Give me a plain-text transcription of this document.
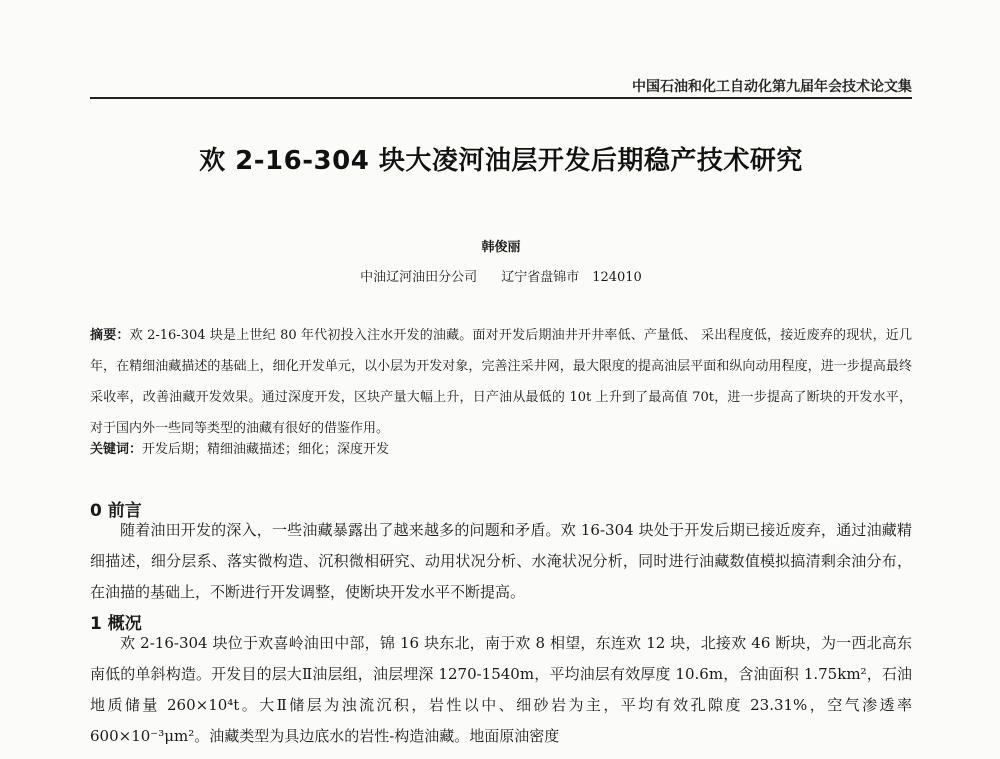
中国石油和化工自动化第九届年会技术论文集
欢 2-16-304 块大凌河油层开发后期稳产技术研究
韩俊丽
中油辽河油田分公司 辽宁省盘锦市　124010
摘要：欢 2-16-304 块是上世纪 80 年代初投入注水开发的油藏。面对开发后期油井开井率低、产量低、 采出程度低，接近废弃的现状，近几年，在精细油藏描述的基础上，细化开发单元，以小层为开发对象，完善注采井网，最大限度的提高油层平面和纵向动用程度，进一步提高最终采收率，改善油藏开发效果。通过深度开发，区块产量大幅上升，日产油从最低的 10t 上升到了最高值 70t，进一步提高了断块的开发水平，对于国内外一些同等类型的油藏有很好的借鉴作用。
关键词：开发后期；精细油藏描述；细化；深度开发
0 前言
随着油田开发的深入，一些油藏暴露出了越来越多的问题和矛盾。欢 16-304 块处于开发后期已接近废弃，通过油藏精细描述，细分层系、落实微构造、沉积微相研究、动用状况分析、水淹状况分析，同时进行油藏数值模拟搞清剩余油分布，在油描的基础上，不断进行开发调整，使断块开发水平不断提高。
1 概况
欢 2-16-304 块位于欢喜岭油田中部，锦 16 块东北，南于欢 8 相望，东连欢 12 块，北接欢 46 断块，为一西北高东南低的单斜构造。开发目的层大Ⅱ油层组，油层埋深 1270-1540m，平均油层有效厚度 10.6m，含油面积 1.75km²，石油地质储量 260×10⁴t。大Ⅱ储层为浊流沉积，岩性以中、细砂岩为主，平均有效孔隙度 23.31%，空气渗透率 600×10⁻³μm²。油藏类型为具边底水的岩性-构造油藏。地面原油密度
